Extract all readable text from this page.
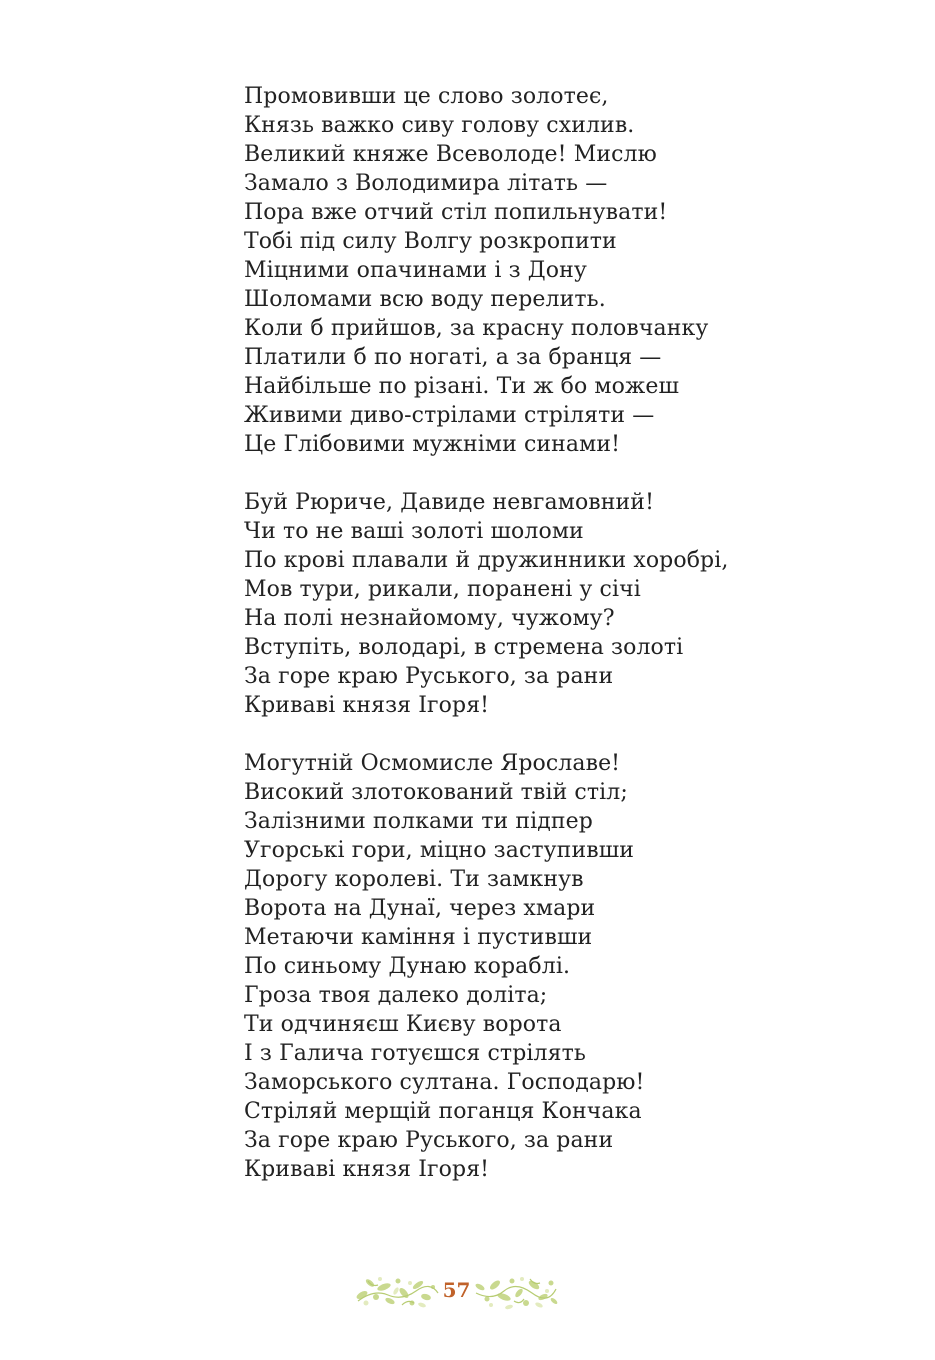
Промовивши це слово золотеє,
Князь важко сиву голову схилив.
Великий княже Всеволоде! Мислю
Замало з Володимира літать —
Пора вже отчий стіл попильнувати!
Тобі під силу Волгу розкропити
Міцними опачинами і з Дону
Шоломами всю воду перелить.
Коли б прийшов, за красну половчанку
Платили б по ногаті, а за бранця —
Найбільше по різані. Ти ж бо можеш
Живими диво-стрілами стріляти —
Це Глібовими мужніми синами!
Буй Рюриче, Давиде невгамовний!
Чи то не ваші золоті шоломи
По крові плавали й дружинники хоробрі,
Мов тури, рикали, поранені у січі
На полі незнайомому, чужому?
Вступіть, володарі, в стремена золоті
За горе краю Руського, за рани
Криваві князя Ігоря!
Могутній Осмомисле Ярославе!
Високий злотокований твій стіл;
Залізними полками ти підпер
Угорські гори, міцно заступивши
Дорогу королеві. Ти замкнув
Ворота на Дунаї, через хмари
Метаючи каміння і пустивши
По синьому Дунаю кораблі.
Гроза твоя далеко доліта;
Ти одчиняєш Києву ворота
І з Галича готуєшся стрілять
Заморського султана. Господарю!
Стріляй мерщій поганця Кончака
За горе краю Руського, за рани
Криваві князя Ігоря!
57
